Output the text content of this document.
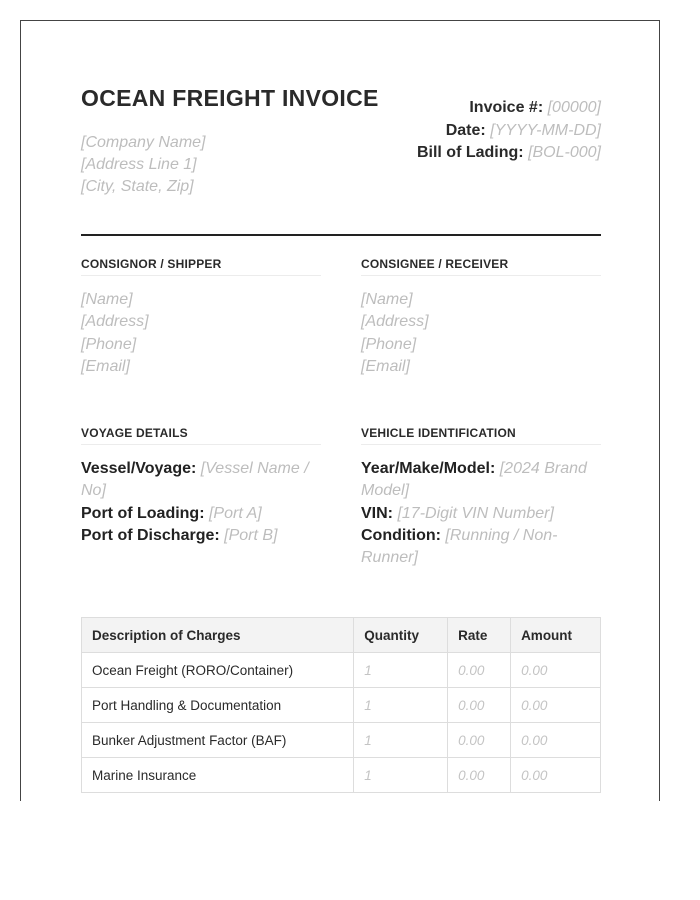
OCEAN FREIGHT INVOICE
[Company Name]
[Address Line 1]
[City, State, Zip]
Invoice #: [00000]
Date: [YYYY-MM-DD]
Bill of Lading: [BOL-000]
CONSIGNOR / SHIPPER
[Name]
[Address]
[Phone]
[Email]
CONSIGNEE / RECEIVER
[Name]
[Address]
[Phone]
[Email]
VOYAGE DETAILS
Vessel/Voyage: [Vessel Name / No]
Port of Loading: [Port A]
Port of Discharge: [Port B]
VEHICLE IDENTIFICATION
Year/Make/Model: [2024 Brand Model]
VIN: [17-Digit VIN Number]
Condition: [Running / Non-Runner]
Description of Charges	Quantity	Rate	Amount
Ocean Freight (RORO/Container)	1	0.00	0.00
Port Handling & Documentation	1	0.00	0.00
Bunker Adjustment Factor (BAF)	1	0.00	0.00
Marine Insurance	1	0.00	0.00
